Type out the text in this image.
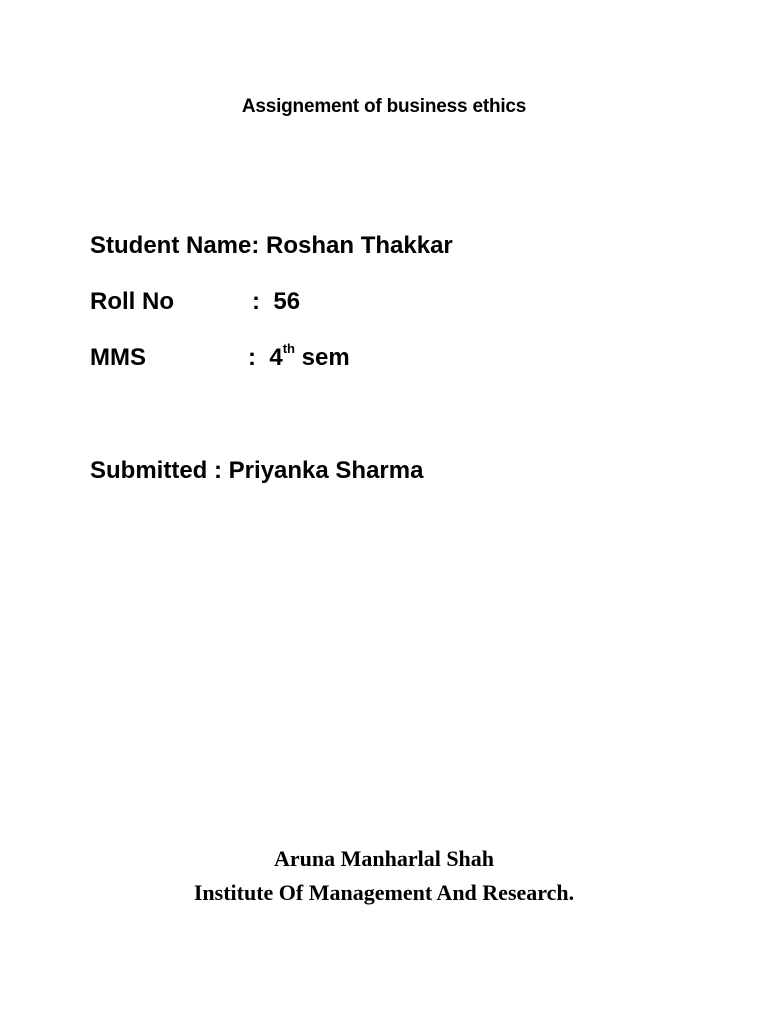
Assignement of business ethics
Student Name: Roshan Thakkar
Roll No	: 56
MMS	: 4th sem
Submitted : Priyanka Sharma
Aruna Manharlal Shah
Institute Of Management And Research.
